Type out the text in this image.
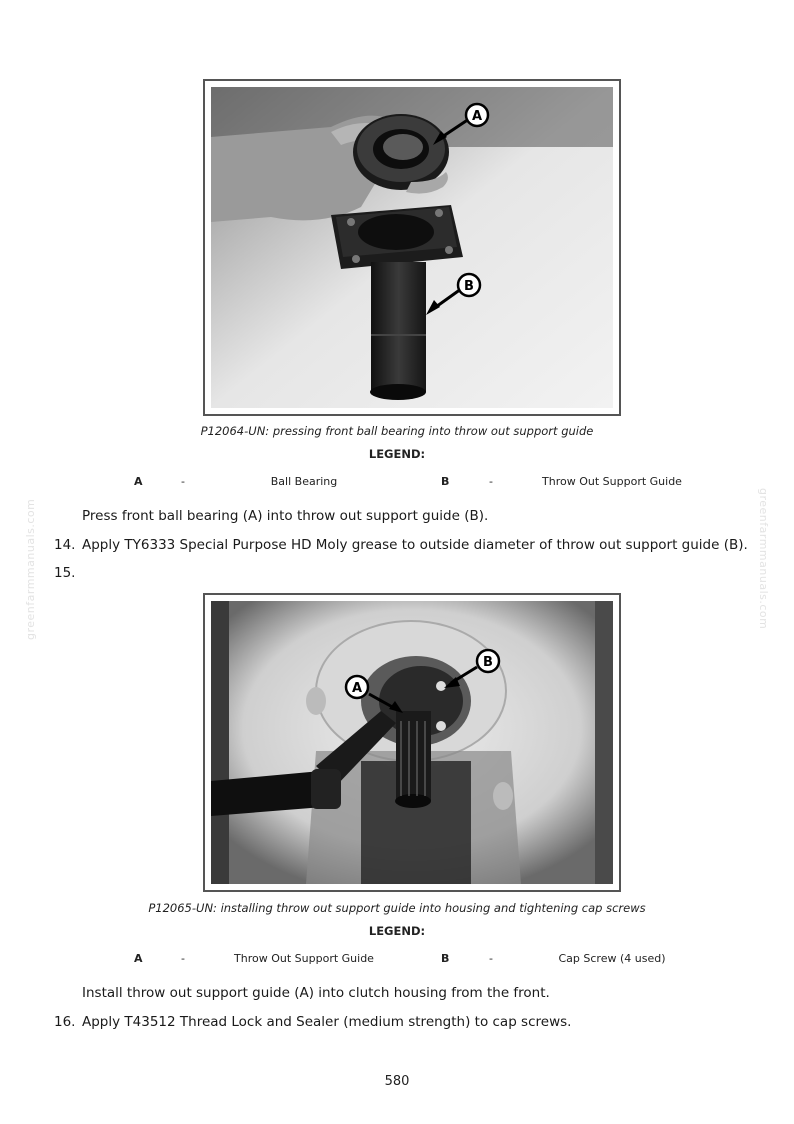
greenfarmmanuals.com	greenfarmmanuals.com
A
B
P12064-UN: pressing front ball bearing into throw out support guide
LEGEND:
A	-	Ball Bearing	B	-	Throw Out Support Guide
Press front ball bearing (A) into throw out support guide (B).
14. Apply TY6333 Special Purpose HD Moly grease to outside diameter of throw out support guide (B).
15.
A
B
P12065-UN: installing throw out support guide into housing and tightening cap screws
LEGEND:
A	-	Throw Out Support Guide	B	-	Cap Screw (4 used)
Install throw out support guide (A) into clutch housing from the front.
16. Apply T43512 Thread Lock and Sealer (medium strength) to cap screws.
580
